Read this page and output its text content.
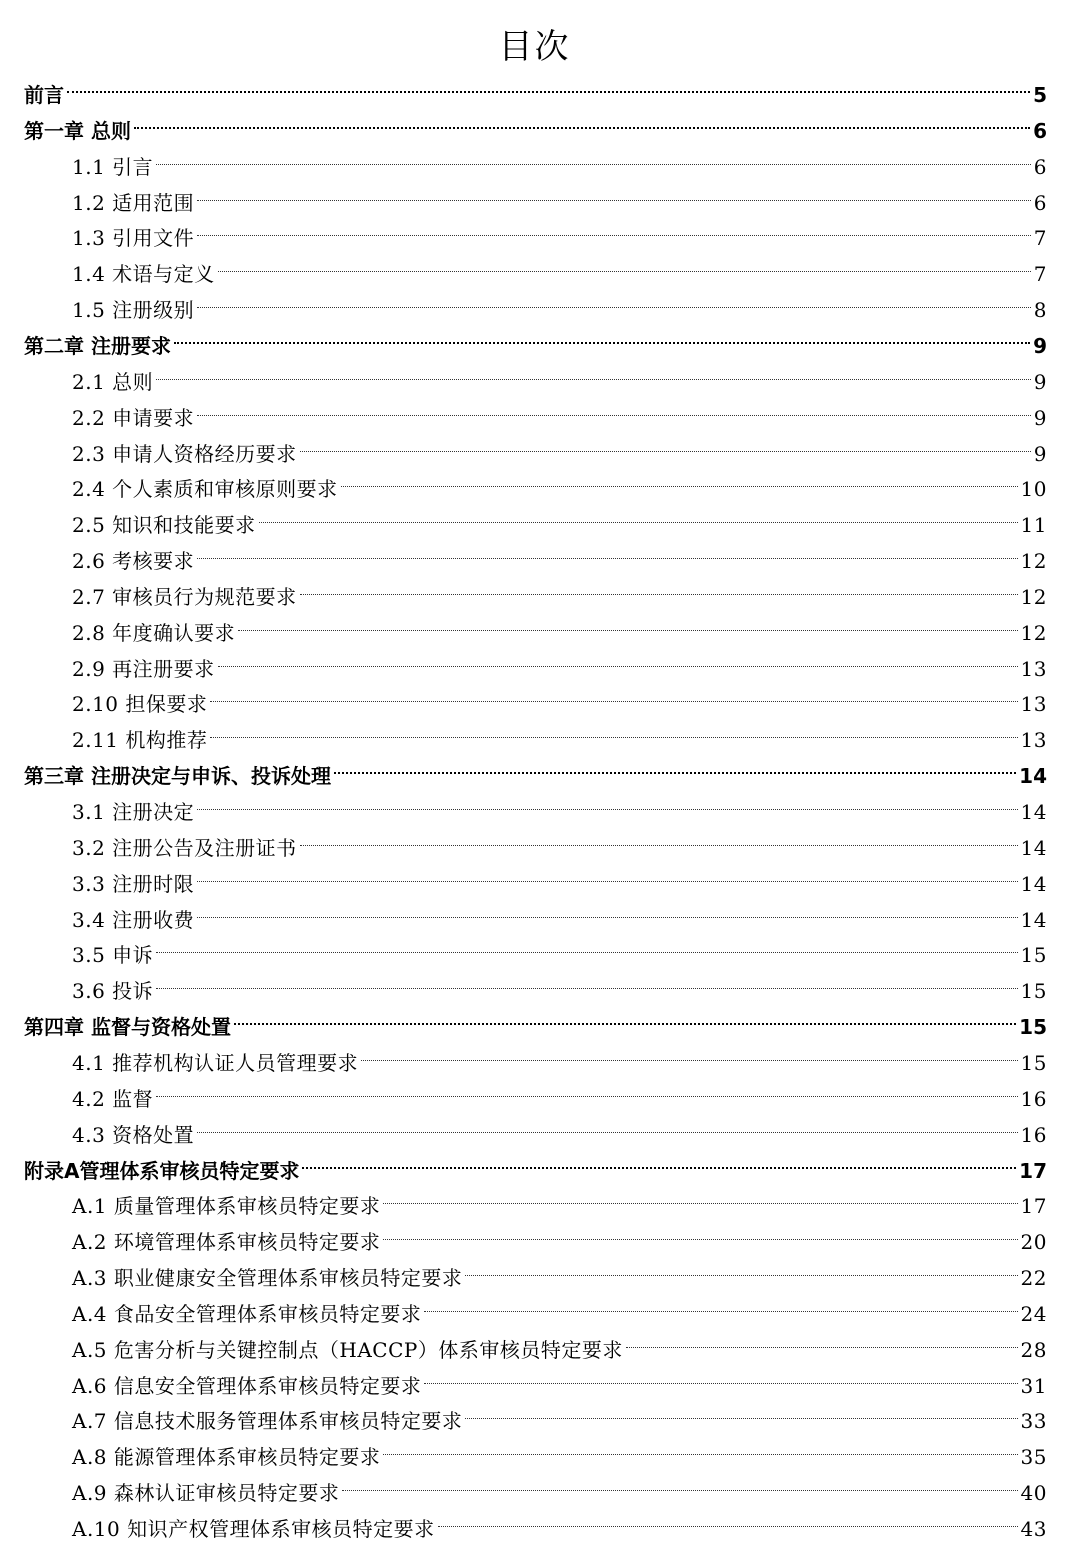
目次
前言	5
第一章 总则	6
1.1 引言	6
1.2 适用范围	6
1.3 引用文件	7
1.4 术语与定义	7
1.5 注册级别	8
第二章 注册要求	9
2.1 总则	9
2.2 申请要求	9
2.3 申请人资格经历要求	9
2.4 个人素质和审核原则要求	10
2.5 知识和技能要求	11
2.6 考核要求	12
2.7 审核员行为规范要求	12
2.8 年度确认要求	12
2.9 再注册要求	13
2.10 担保要求	13
2.11 机构推荐	13
第三章 注册决定与申诉、投诉处理	14
3.1 注册决定	14
3.2 注册公告及注册证书	14
3.3 注册时限	14
3.4 注册收费	14
3.5 申诉	15
3.6 投诉	15
第四章 监督与资格处置	15
4.1 推荐机构认证人员管理要求	15
4.2 监督	16
4.3 资格处置	16
附录A管理体系审核员特定要求	17
A.1 质量管理体系审核员特定要求	17
A.2 环境管理体系审核员特定要求	20
A.3 职业健康安全管理体系审核员特定要求	22
A.4 食品安全管理体系审核员特定要求	24
A.5 危害分析与关键控制点（HACCP）体系审核员特定要求	28
A.6 信息安全管理体系审核员特定要求	31
A.7 信息技术服务管理体系审核员特定要求	33
A.8 能源管理体系审核员特定要求	35
A.9 森林认证审核员特定要求	40
A.10 知识产权管理体系审核员特定要求	43
